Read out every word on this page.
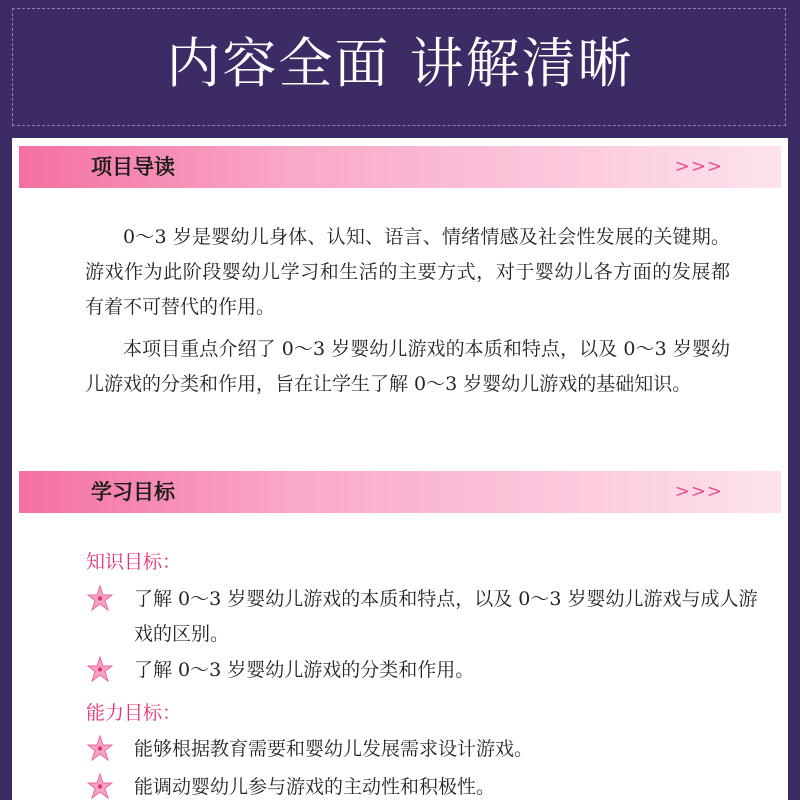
内容全面 讲解清晰
项目导读	>>>

0～3 岁是婴幼儿身体、认知、语言、情绪情感及社会性发展的关键期。游戏作为此阶段婴幼儿学习和生活的主要方式，对于婴幼儿各方面的发展都有着不可替代的作用。

本项目重点介绍了 0～3 岁婴幼儿游戏的本质和特点，以及 0～3 岁婴幼儿游戏的分类和作用，旨在让学生了解 0～3 岁婴幼儿游戏的基础知识。

学习目标	>>>
知识目标：
了解 0～3 岁婴幼儿游戏的本质和特点，以及 0～3 岁婴幼儿游戏与成人游戏的区别。
了解 0～3 岁婴幼儿游戏的分类和作用。
能力目标：
能够根据教育需要和婴幼儿发展需求设计游戏。
能调动婴幼儿参与游戏的主动性和积极性。
